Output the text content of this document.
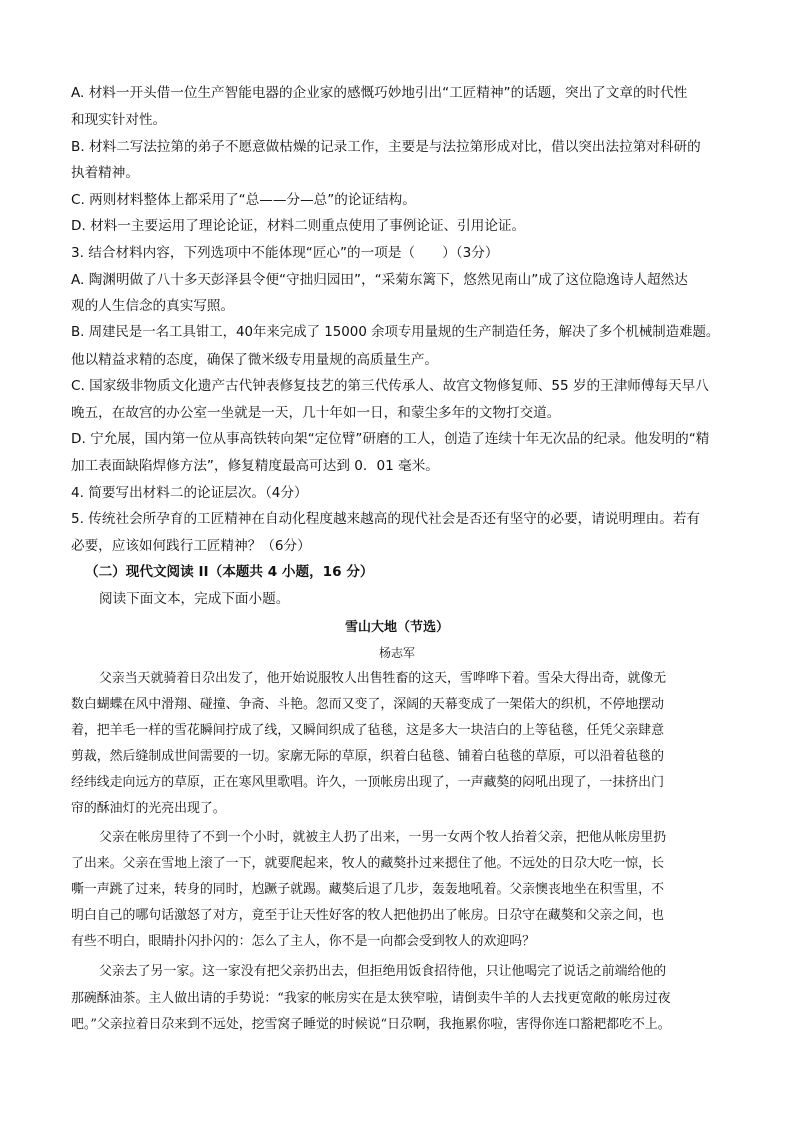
A. 材料一开头借一位生产智能电器的企业家的感慨巧妙地引出“工匠精神”的话题，突出了文章的时代性
和现实针对性。
B. 材料二写法拉第的弟子不愿意做枯燥的记录工作，主要是与法拉第形成对比，借以突出法拉第对科研的
执着精神。
C. 两则材料整体上都采用了“总——分—总”的论证结构。
D. 材料一主要运用了理论论证，材料二则重点使用了事例论证、引用论证。
3. 结合材料内容，下列选项中不能体现“匠心”的一项是（　　）（3分）
A. 陶渊明做了八十多天彭泽县令便“守拙归园田”，“采菊东篱下，悠然见南山”成了这位隐逸诗人超然达
观的人生信念的真实写照。
B. 周建民是一名工具钳工，40年来完成了 15000 余项专用量规的生产制造任务，解决了多个机械制造难题。
他以精益求精的态度，确保了微米级专用量规的高质量生产。
C. 国家级非物质文化遗产古代钟表修复技艺的第三代传承人、故宫文物修复师、55 岁的王津师傅每天早八
晚五，在故宫的办公室一坐就是一天，几十年如一日，和蒙尘多年的文物打交道。
D. 宁允展，国内第一位从事高铁转向架“定位臂”研磨的工人，创造了连续十年无次品的纪录。他发明的“精
加工表面缺陷焊修方法”，修复精度最高可达到 0．01 毫米。
4. 简要写出材料二的论证层次。（4分）
5. 传统社会所孕育的工匠精神在自动化程度越来越高的现代社会是否还有坚守的必要，请说明理由。若有
必要，应该如何践行工匠精神？（6分）
（二）现代文阅读 II（本题共 4 小题，16 分）
阅读下面文本，完成下面小题。
雪山大地（节选）
杨志军
父亲当天就骑着日尕出发了，他开始说服牧人出售牲畜的这天，雪哗哗下着。雪朵大得出奇，就像无
数白蝴蝶在风中滑翔、碰撞、争斋、斗艳。忽而又变了，深阔的天幕变成了一架偌大的织机，不停地摆动
着，把羊毛一样的雪花瞬间拧成了线，又瞬间织成了毡毯，这是多大一块洁白的上等毡毯，任凭父亲肆意
剪裁，然后缝制成世间需要的一切。家廓无际的草原，织着白毡毯、铺着白毡毯的草原，可以沿着毡毯的
经纬线走向远方的草原，正在寒风里歌唱。许久，一顶帐房出现了，一声藏獒的闷吼出现了，一抹挤出门
帘的酥油灯的光亮出现了。
父亲在帐房里待了不到一个小时，就被主人扔了出来，一男一女两个牧人抬着父亲，把他从帐房里扔
了出来。父亲在雪地上滚了一下，就要爬起来，牧人的藏獒扑过来摁住了他。不远处的日尕大吃一惊，长
嘶一声跳了过来，转身的同时，尥蹶子就踢。藏獒后退了几步，轰轰地吼着。父亲懊丧地坐在积雪里，不
明白自己的哪句话激怒了对方，竟至于让天性好客的牧人把他扔出了帐房。日尕守在藏獒和父亲之间，也
有些不明白，眼睛扑闪扑闪的：怎么了主人，你不是一向都会受到牧人的欢迎吗？
父亲去了另一家。这一家没有把父亲扔出去，但拒绝用饭食招待他，只让他喝完了说话之前端给他的
那碗酥油茶。主人做出请的手势说：“我家的帐房实在是太狭窄啦，请倒卖牛羊的人去找更宽敞的帐房过夜
吧。”父亲拉着日尕来到不远处，挖雪窝子睡觉的时候说“日尕啊，我拖累你啦，害得你连口豁耙都吃不上。
